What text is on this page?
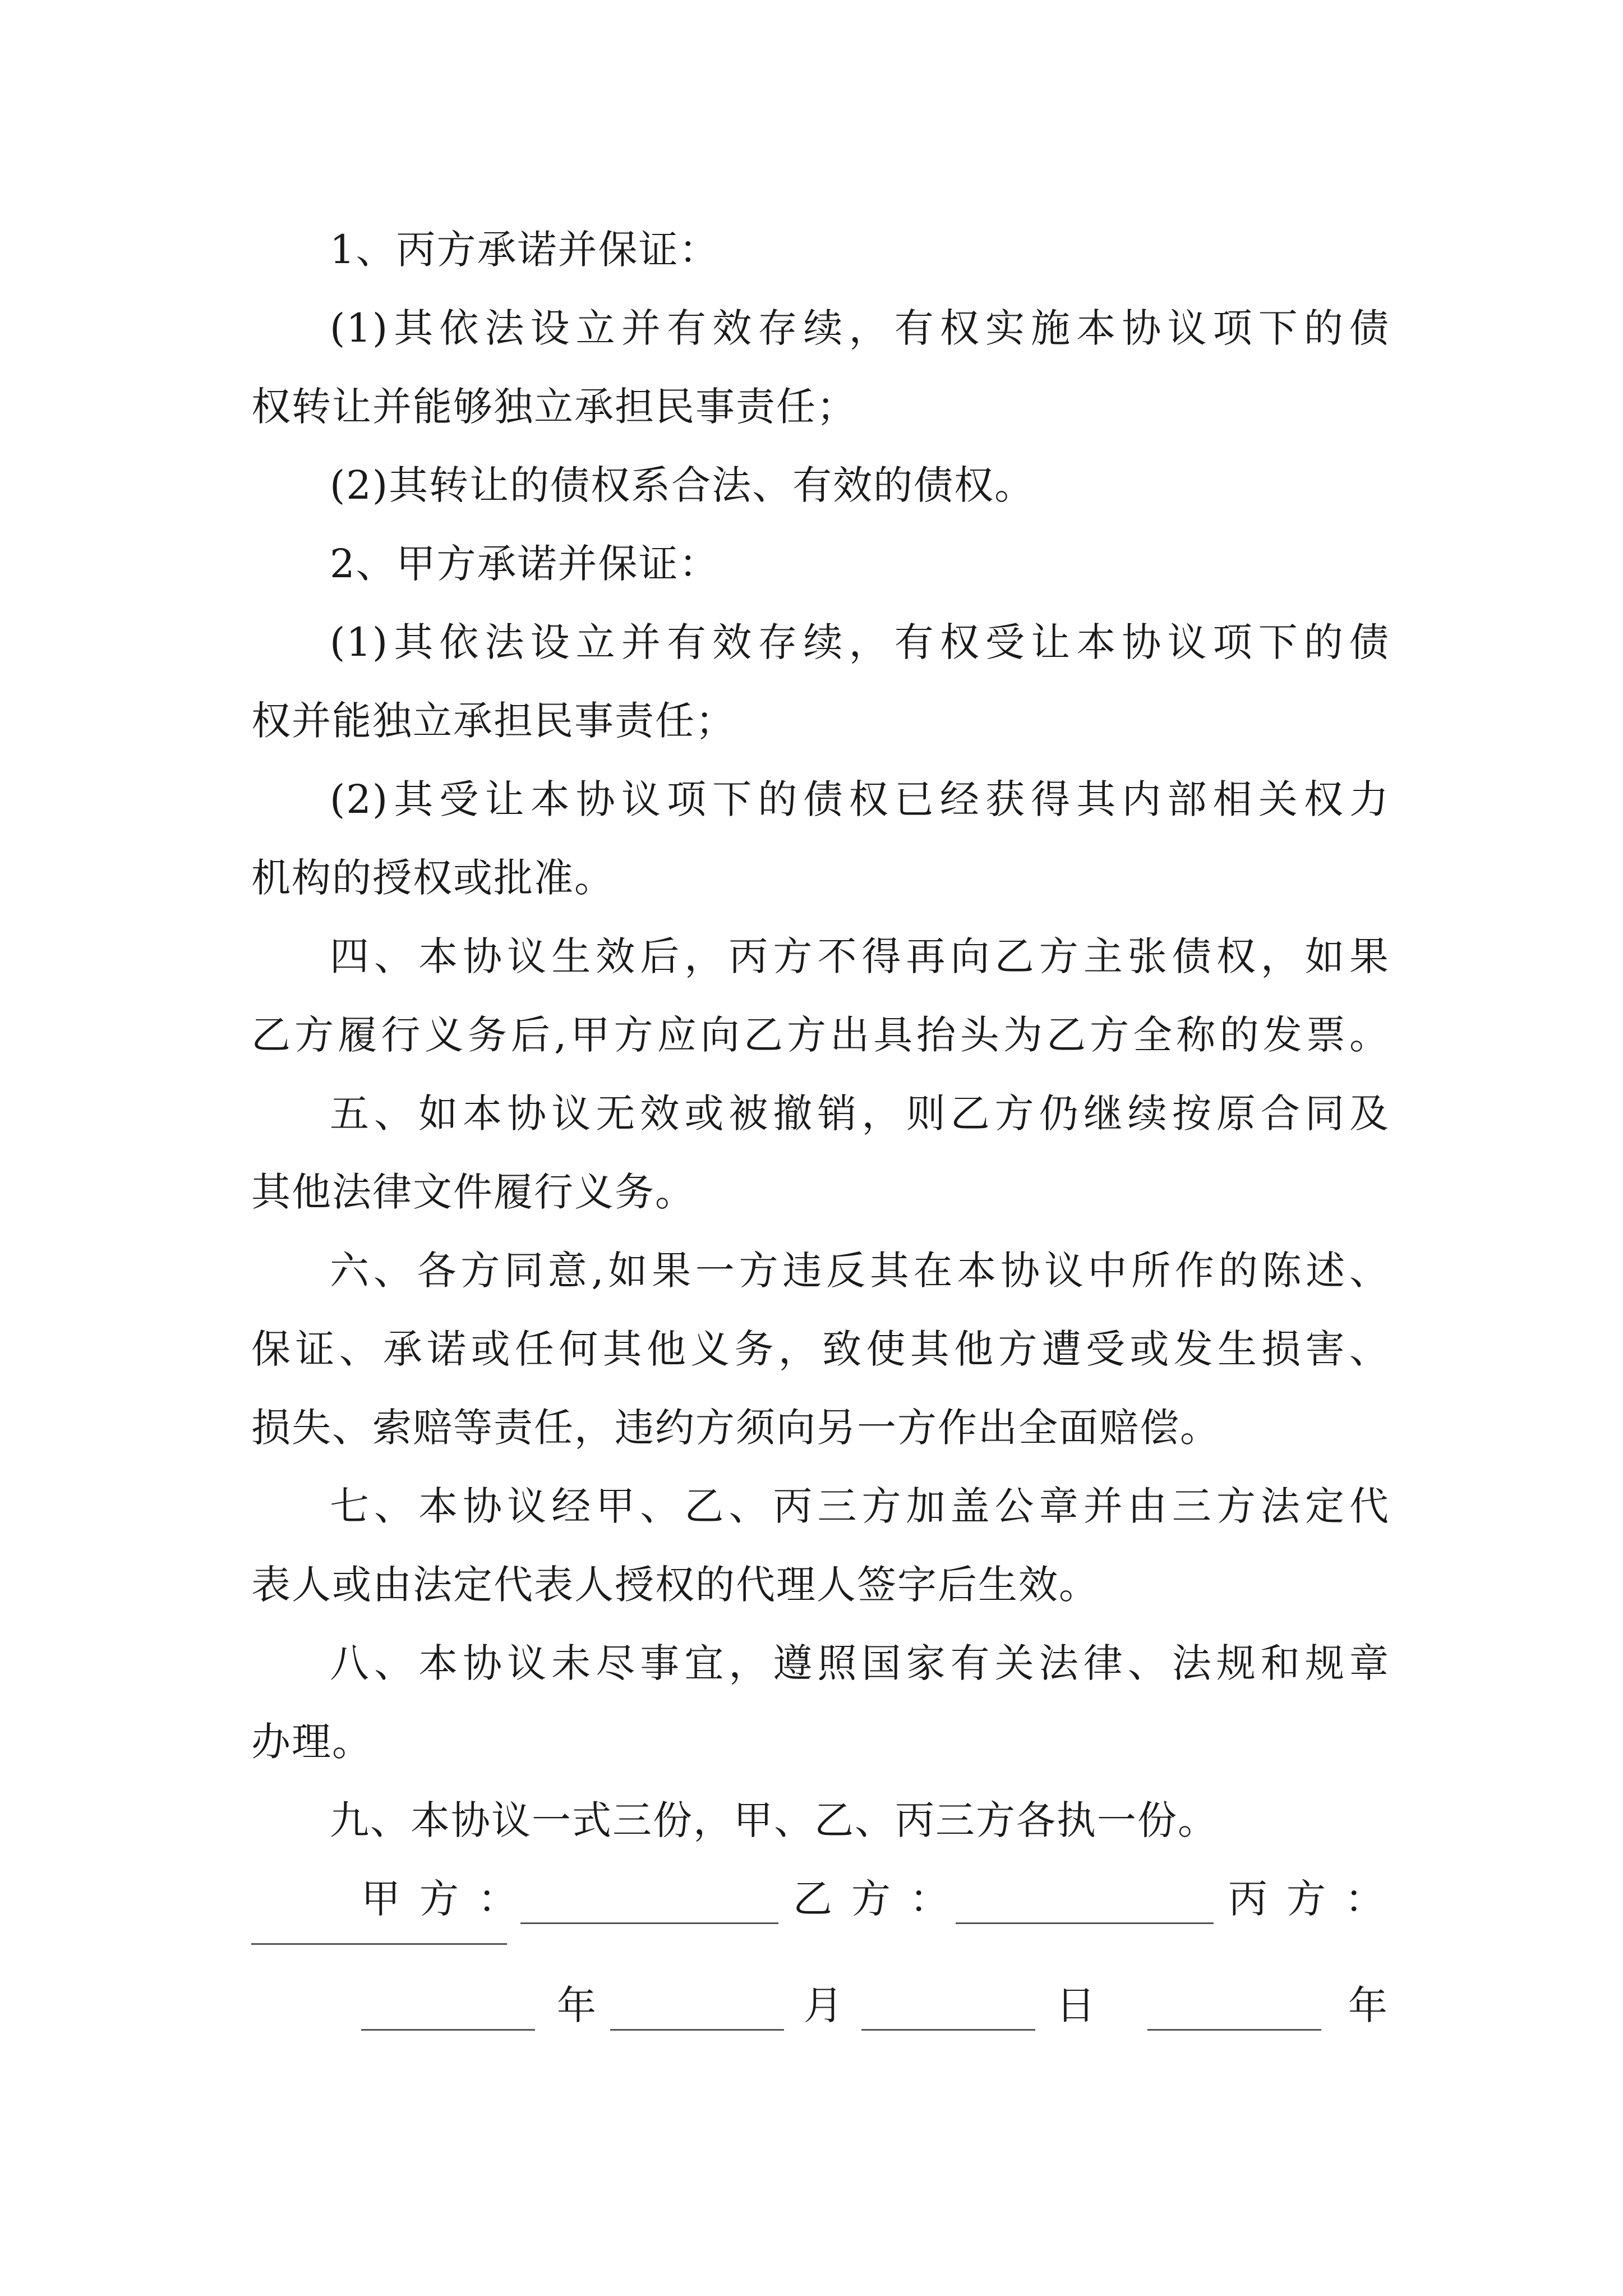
1、丙方承诺并保证：
(1)其依法设立并有效存续，有权实施本协议项下的债
权转让并能够独立承担民事责任；
(2)其转让的债权系合法、有效的债权。
2、甲方承诺并保证：
(1)其依法设立并有效存续，有权受让本协议项下的债
权并能独立承担民事责任；
(2)其受让本协议项下的债权已经获得其内部相关权力
机构的授权或批准。
四、本协议生效后，丙方不得再向乙方主张债权，如果
乙方履行义务后,甲方应向乙方出具抬头为乙方全称的发票。
五、如本协议无效或被撤销，则乙方仍继续按原合同及
其他法律文件履行义务。
六、各方同意,如果一方违反其在本协议中所作的陈述、
保证、承诺或任何其他义务，致使其他方遭受或发生损害、
损失、索赔等责任，违约方须向另一方作出全面赔偿。
七、本协议经甲、乙、丙三方加盖公章并由三方法定代
表人或由法定代表人授权的代理人签字后生效。
八、本协议未尽事宜，遵照国家有关法律、法规和规章
办理。
九、本协议一式三份，甲、乙、丙三方各执一份。
甲方：	乙方：	丙方：
年	月	日	年
